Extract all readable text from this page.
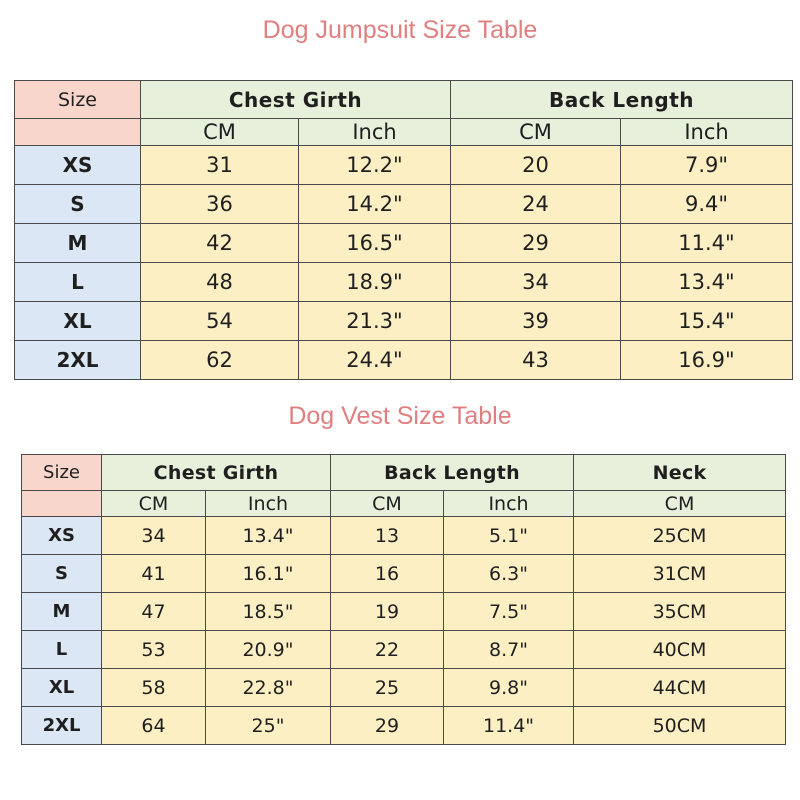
Dog Jumpsuit Size Table
Size	Chest Girth		Back Length	
	CM	Inch	CM	Inch
XS	31	12.2"	20	7.9"
S	36	14.2"	24	9.4"
M	42	16.5"	29	11.4"
L	48	18.9"	34	13.4"
XL	54	21.3"	39	15.4"
2XL	62	24.4"	43	16.9"
Dog Vest Size Table
Size	Chest Girth		Back Length		Neck
	CM	Inch	CM	Inch	CM
XS	34	13.4"	13	5.1"	25CM
S	41	16.1"	16	6.3"	31CM
M	47	18.5"	19	7.5"	35CM
L	53	20.9"	22	8.7"	40CM
XL	58	22.8"	25	9.8"	44CM
2XL	64	25"	29	11.4"	50CM
